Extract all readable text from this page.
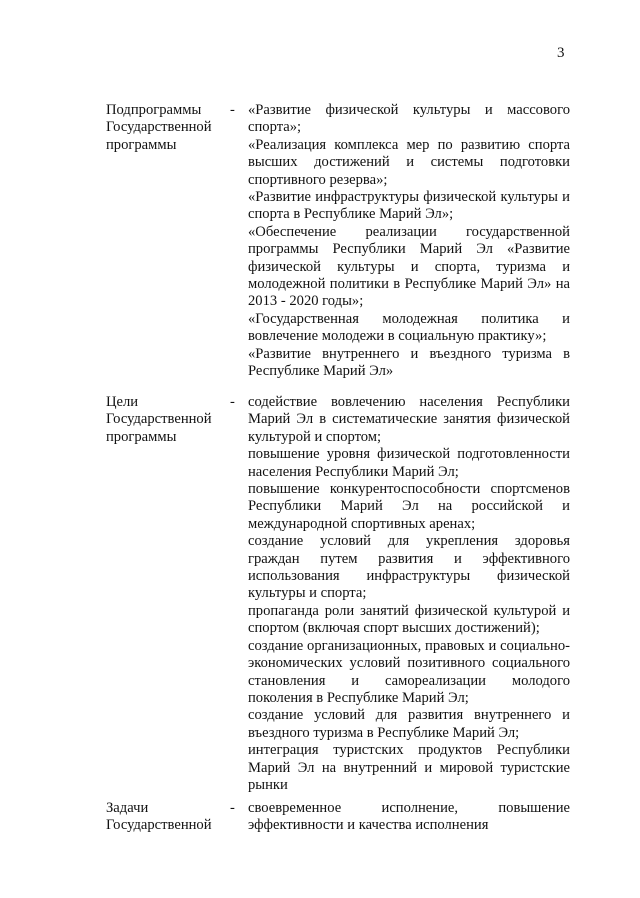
3
Подпрограммы
Государственной
программы
- «Развитие физической культуры и массового спорта»;
«Реализация комплекса мер по развитию спорта высших достижений и системы подготовки спортивного резерва»;
«Развитие инфраструктуры физической культуры и спорта в Республике Марий Эл»;
«Обеспечение реализации государственной программы Республики Марий Эл «Развитие физической культуры и спорта, туризма и молодежной политики в Республике Марий Эл» на 2013 - 2020 годы»;
«Государственная молодежная политика и вовлечение молодежи в социальную практику»;
«Развитие внутреннего и въездного туризма в Республике Марий Эл»
Цели
Государственной
программы
- содействие вовлечению населения Республики Марий Эл в систематические занятия физической культурой и спортом;
повышение уровня физической подготовленности населения Республики Марий Эл;
повышение конкурентоспособности спортсменов Республики Марий Эл на российской и международной спортивных аренах;
создание условий для укрепления здоровья граждан путем развития и эффективного использования инфраструктуры физической культуры и спорта;
пропаганда роли занятий физической культурой и спортом (включая спорт высших достижений);
создание организационных, правовых и социально-экономических условий позитивного социального становления и самореализации молодого поколения в Республике Марий Эл;
создание условий для развития внутреннего и въездного туризма в Республике Марий Эл;
интеграция туристских продуктов Республики Марий Эл на внутренний и мировой туристские рынки
Задачи
Государственной
- своевременное исполнение, повышение эффективности и качества исполнения
